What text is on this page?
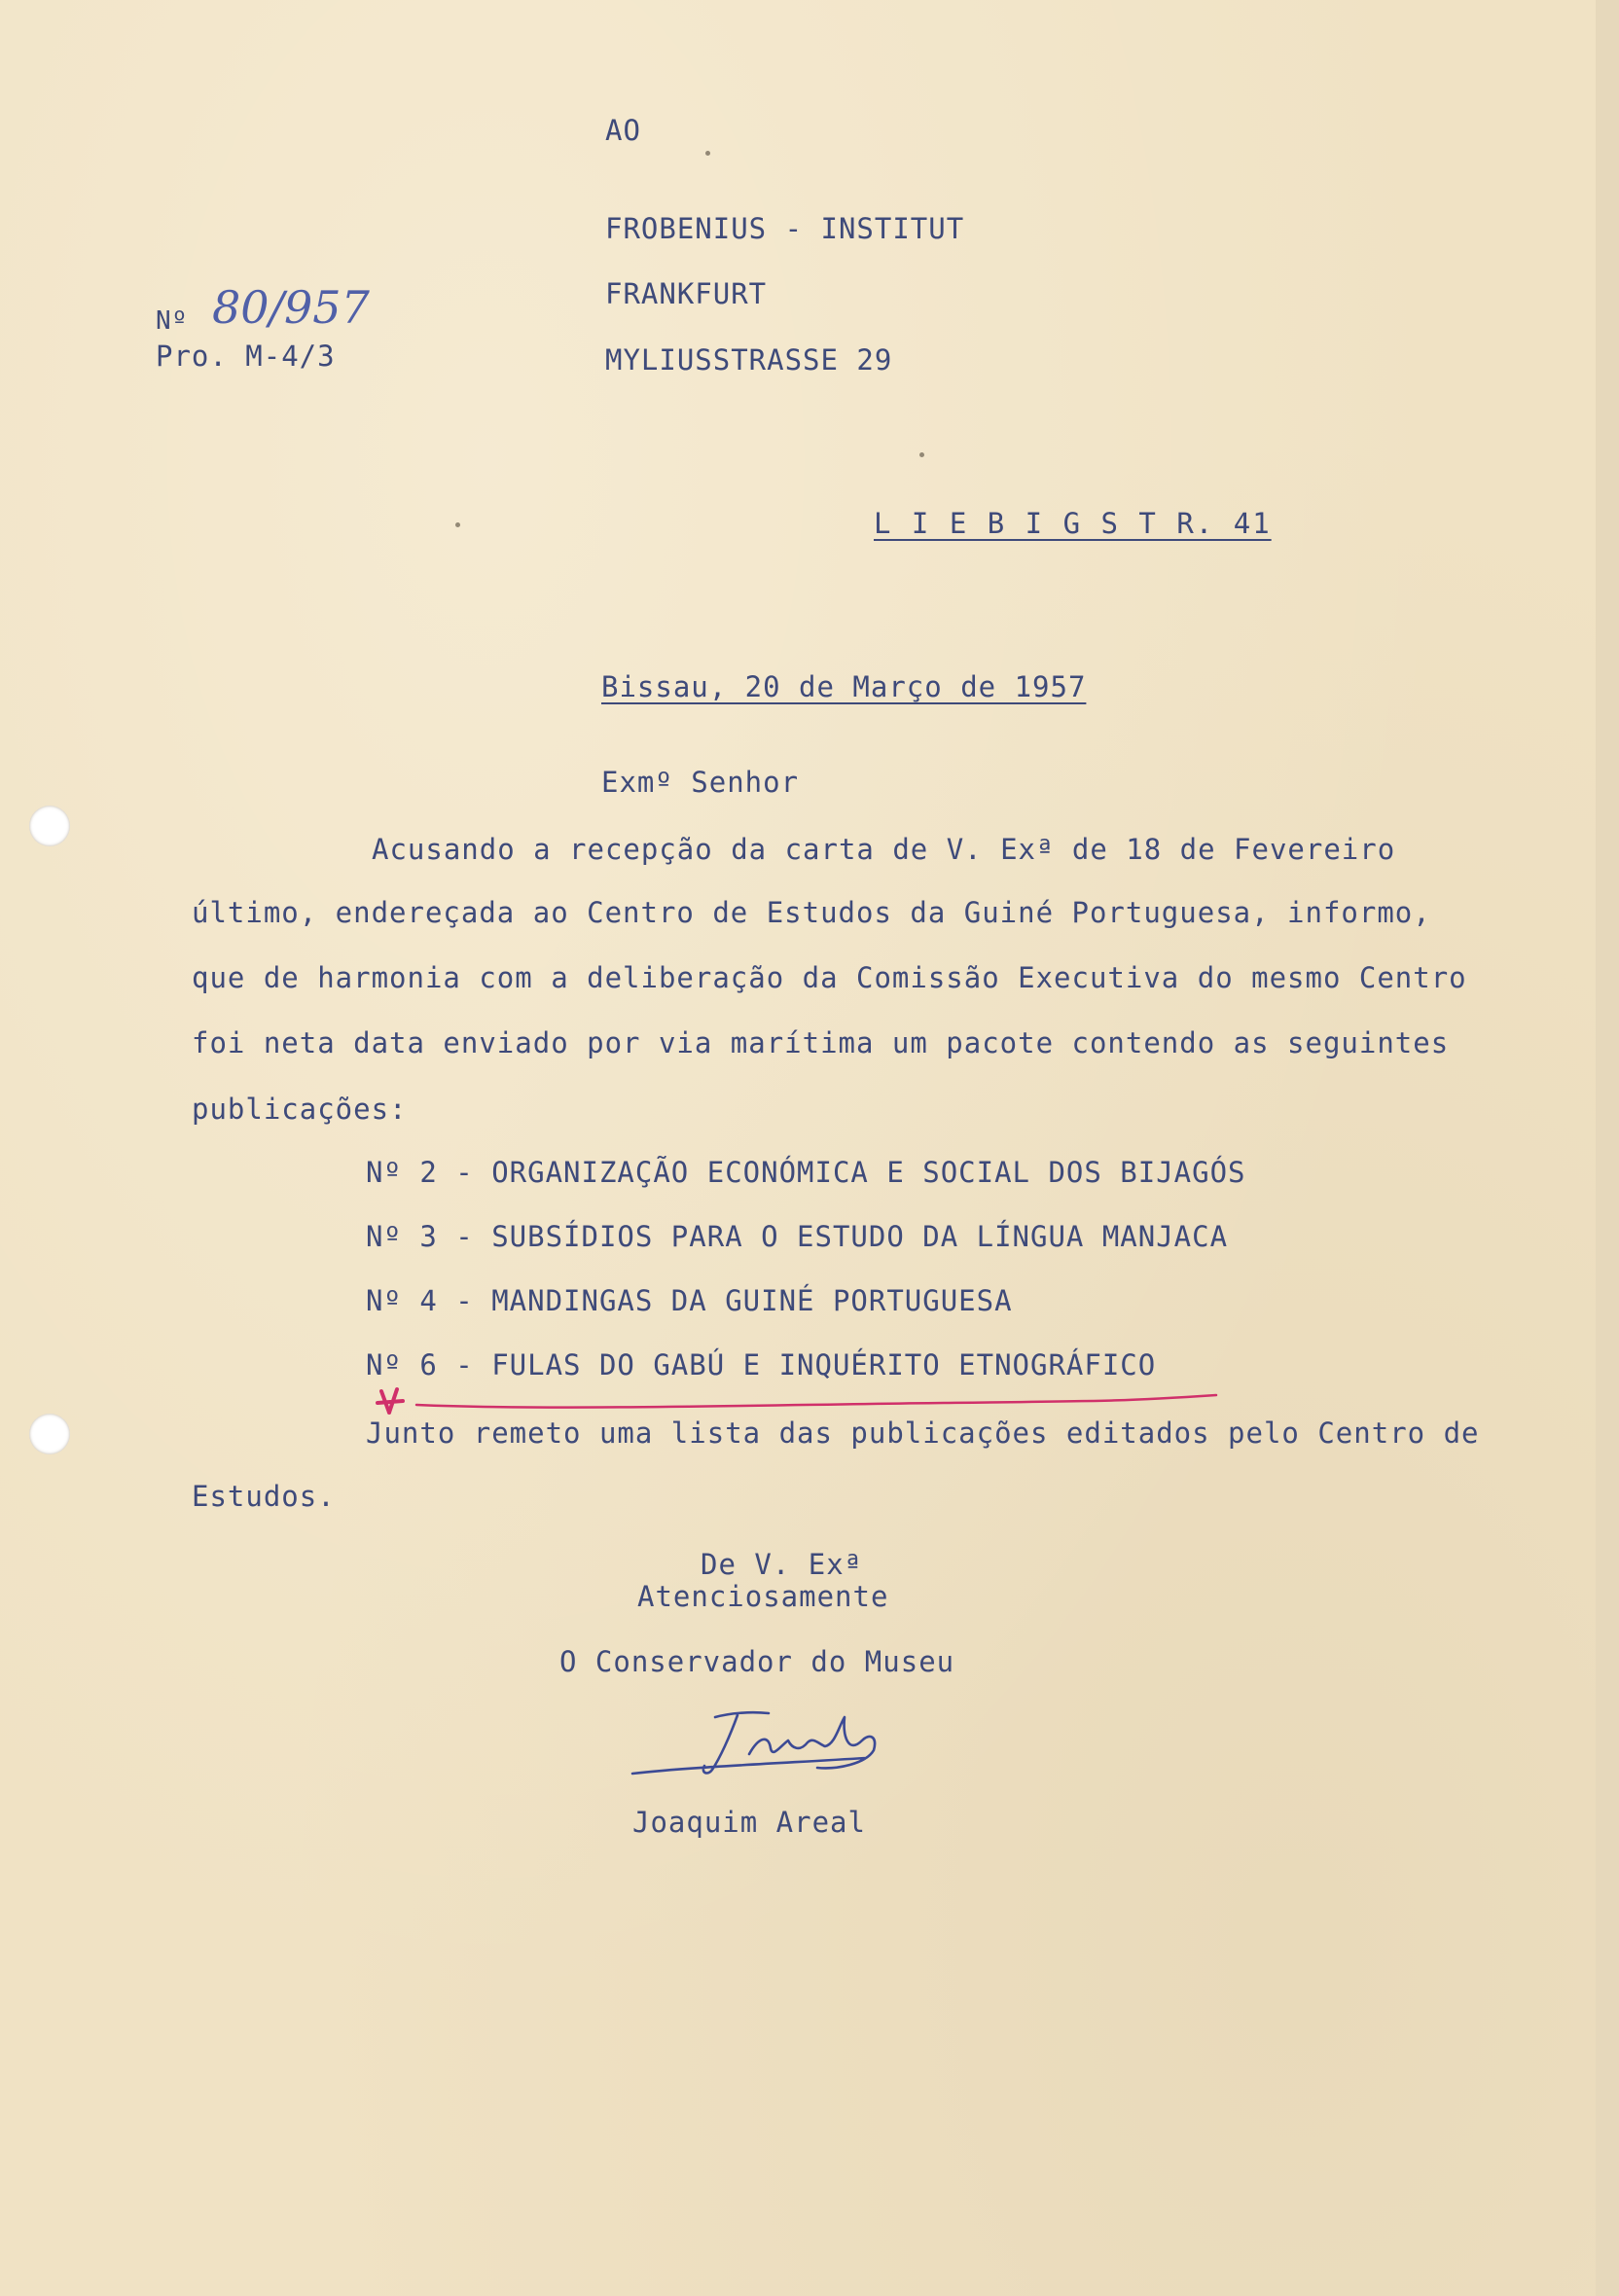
AO
FROBENIUS - INSTITUT
FRANKFURT
MYLIUSSTRASSE 29
L I E B I G S T R. 41
Nº 80/957
Pro. M-4/3
Bissau, 20 de Março de 1957
Exmº Senhor
Acusando a recepção da carta de V. Exª de 18 de Fevereiro
último, endereçada ao Centro de Estudos da Guiné Portuguesa, informo,
que de harmonia com a deliberação da Comissão Executiva do mesmo Centro
foi neta data enviado por via marítima um pacote contendo as seguintes
publicações:
Nº 2 - ORGANIZAÇÃO ECONÓMICA E SOCIAL DOS BIJAGÓS
Nº 3 - SUBSÍDIOS PARA O ESTUDO DA LÍNGUA MANJACA
Nº 4 - MANDINGAS DA GUINÉ PORTUGUESA
Nº 6 - FULAS DO GABÚ E INQUÉRITO ETNOGRÁFICO
Junto remeto uma lista das publicações editados pelo Centro de
Estudos.
De V. Exª
Atenciosamente
O Conservador do Museu
Joaquim Areal
